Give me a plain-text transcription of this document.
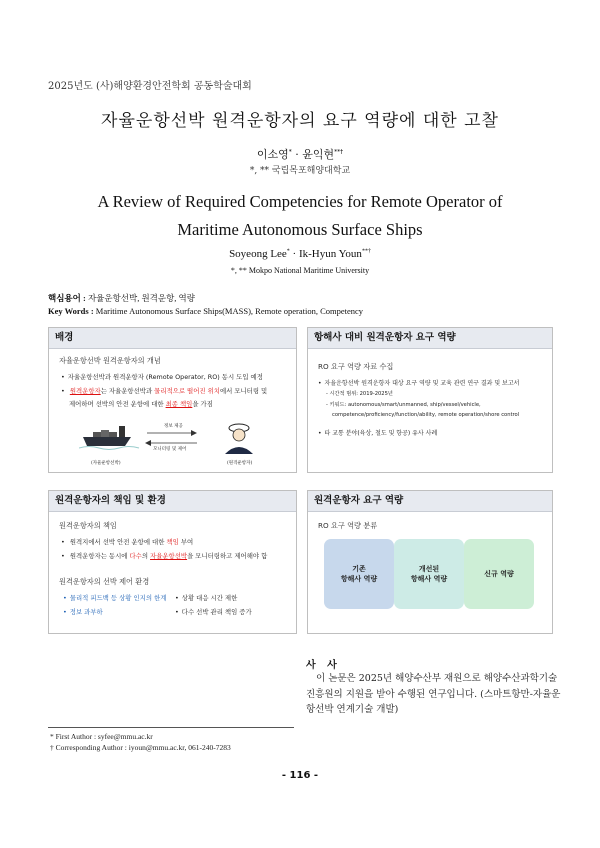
2025년도 (사)해양환경안전학회 공동학술대회
자율운항선박 원격운항자의 요구 역량에 대한 고찰
이소영* · 윤익현**†
*, ** 국립목포해양대학교
A Review of Required Competencies for Remote Operator of
Maritime Autonomous Surface Ships
Soyeong Lee* · Ik-Hyun Youn**†
*, ** Mokpo National Maritime University
핵심용어 : 자율운항선박, 원격운항, 역량
Key Words : Maritime Autonomous Surface Ships(MASS), Remote operation, Competency
배경
자율운항선박 원격운항자의 개념
• 자율운항선박과 원격운항자 (Remote Operator, RO) 동시 도입 예정
• 원격운항자는 자율운항선박과 물리적으로 떨어진 위치에서 모니터링 및
제어하며 선박의 안전 운항에 대한 최종 책임을 가짐
정보 제공
모니터링 및 제어
(자율운항선박)	(원격운항자)
항해사 대비 원격운항자 요구 역량
RO 요구 역량 자료 수집
• 자율운항선박 원격운항자 대상 요구 역량 및 교육 관련 연구 결과 및 보고서
- 시간적 범위: 2019-2025년
- 키워드: autonomous/smart/unmanned, ship/vessel/vehicle,
competence/proficiency/function/ability, remote operation/shore control
• 타 교통 분야(육상, 철도 및 항공) 유사 사례
원격운항자의 책임 및 환경
원격운항자의 책임
• 원격지에서 선박 안전 운항에 대한 책임 부여
• 원격운항자는 동시에 다수의 자율운항선박을 모니터링하고 제어해야 함
원격운항자의 선박 제어 환경
• 물리적 피드백 등 상황 인지의 한계
• 정보 과부하
• 상황 대응 시간 제한
• 다수 선박 관리 책임 증가
원격운항자 요구 역량
RO 요구 역량 분류
기존
항해사 역량
개선된
항해사 역량
신규 역량
사 사
이 논문은 2025년 해양수산부 재원으로 해양수산과학기술진흥원의 지원을 받아 수행된 연구입니다. (스마트항만-자율운항선박 연계기술 개발)
* First Author : syfee@mmu.ac.kr
† Corresponding Author : iyoun@mmu.ac.kr, 061-240-7283
- 116 -
